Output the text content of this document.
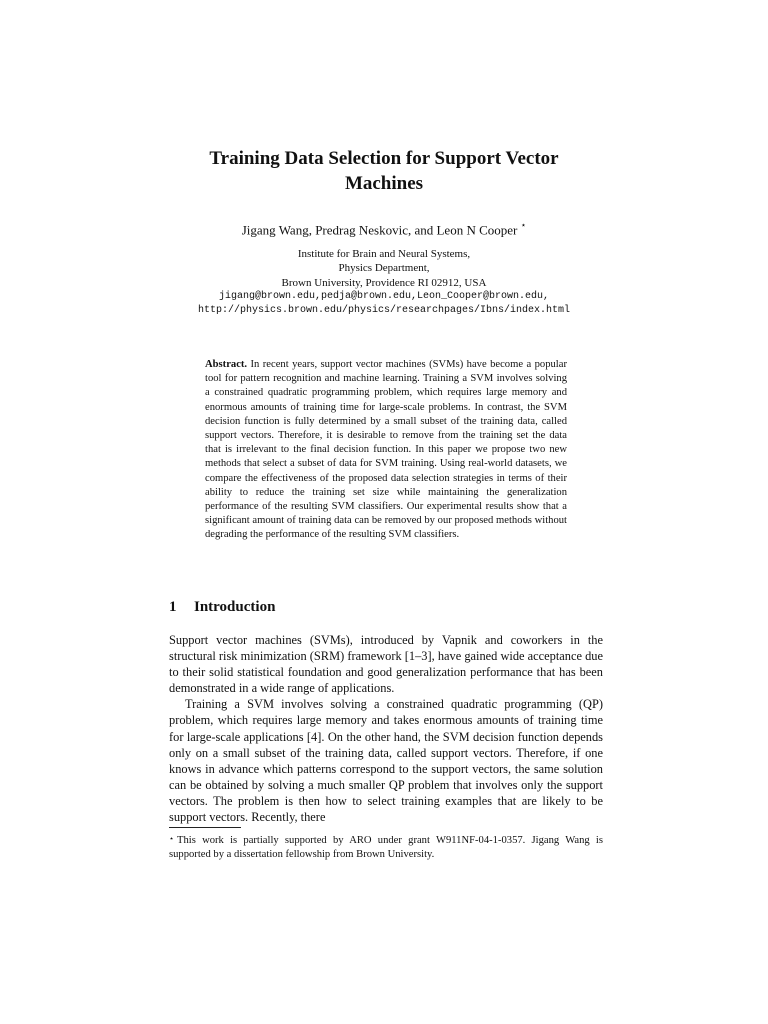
Training Data Selection for Support Vector
Machines
Jigang Wang, Predrag Neskovic, and Leon N Cooper ⋆
Institute for Brain and Neural Systems,
Physics Department,
Brown University, Providence RI 02912, USA
jigang@brown.edu,pedja@brown.edu,Leon_Cooper@brown.edu,
http://physics.brown.edu/physics/researchpages/Ibns/index.html
Abstract. In recent years, support vector machines (SVMs) have become a popular tool for pattern recognition and machine learning. Training a SVM involves solving a constrained quadratic programming problem, which requires large memory and enormous amounts of training time for large-scale problems. In contrast, the SVM decision function is fully determined by a small subset of the training data, called support vectors. Therefore, it is desirable to remove from the training set the data that is irrelevant to the final decision function. In this paper we propose two new methods that select a subset of data for SVM training. Using real-world datasets, we compare the effectiveness of the proposed data selection strategies in terms of their ability to reduce the training set size while maintaining the generalization performance of the resulting SVM classifiers. Our experimental results show that a significant amount of training data can be removed by our proposed methods without degrading the performance of the resulting SVM classifiers.
1 Introduction

Support vector machines (SVMs), introduced by Vapnik and coworkers in the structural risk minimization (SRM) framework [1–3], have gained wide acceptance due to their solid statistical foundation and good generalization performance that has been demonstrated in a wide range of applications.

Training a SVM involves solving a constrained quadratic programming (QP) problem, which requires large memory and takes enormous amounts of training time for large-scale applications [4]. On the other hand, the SVM decision function depends only on a small subset of the training data, called support vectors. Therefore, if one knows in advance which patterns correspond to the support vectors, the same solution can be obtained by solving a much smaller QP problem that involves only the support vectors. The problem is then how to select training examples that are likely to be support vectors. Recently, there

⋆ This work is partially supported by ARO under grant W911NF-04-1-0357. Jigang Wang is supported by a dissertation fellowship from Brown University.
